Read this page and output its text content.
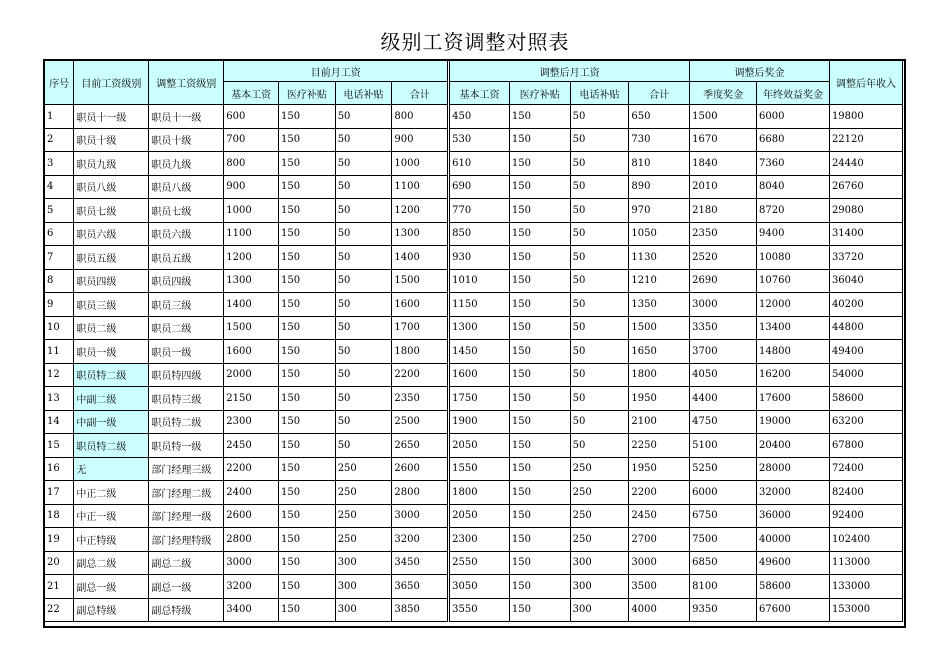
级别工资调整对照表
序号	目前工资级别	调整工资级别	目前月工资				调整后月工资				调整后奖金		调整后年收入
			基本工资	医疗补贴	电话补贴	合计	基本工资	医疗补贴	电话补贴	合计	季度奖金	年终效益奖金	
1	职员十一级	职员十一级	600	150	50	800	450	150	50	650	1500	6000	19800
2	职员十级	职员十级	700	150	50	900	530	150	50	730	1670	6680	22120
3	职员九级	职员九级	800	150	50	1000	610	150	50	810	1840	7360	24440
4	职员八级	职员八级	900	150	50	1100	690	150	50	890	2010	8040	26760
5	职员七级	职员七级	1000	150	50	1200	770	150	50	970	2180	8720	29080
6	职员六级	职员六级	1100	150	50	1300	850	150	50	1050	2350	9400	31400
7	职员五级	职员五级	1200	150	50	1400	930	150	50	1130	2520	10080	33720
8	职员四级	职员四级	1300	150	50	1500	1010	150	50	1210	2690	10760	36040
9	职员三级	职员三级	1400	150	50	1600	1150	150	50	1350	3000	12000	40200
10	职员二级	职员二级	1500	150	50	1700	1300	150	50	1500	3350	13400	44800
11	职员一级	职员一级	1600	150	50	1800	1450	150	50	1650	3700	14800	49400
12	职员特二级	职员特四级	2000	150	50	2200	1600	150	50	1800	4050	16200	54000
13	中副二级	职员特三级	2150	150	50	2350	1750	150	50	1950	4400	17600	58600
14	中副一级	职员特二级	2300	150	50	2500	1900	150	50	2100	4750	19000	63200
15	职员特二级	职员特一级	2450	150	50	2650	2050	150	50	2250	5100	20400	67800
16	无	部门经理三级	2200	150	250	2600	1550	150	250	1950	5250	28000	72400
17	中正二级	部门经理二级	2400	150	250	2800	1800	150	250	2200	6000	32000	82400
18	中正一级	部门经理一级	2600	150	250	3000	2050	150	250	2450	6750	36000	92400
19	中正特级	部门经理特级	2800	150	250	3200	2300	150	250	2700	7500	40000	102400
20	副总二级	副总二级	3000	150	300	3450	2550	150	300	3000	6850	49600	113000
21	副总一级	副总一级	3200	150	300	3650	3050	150	300	3500	8100	58600	133000
22	副总特级	副总特级	3400	150	300	3850	3550	150	300	4000	9350	67600	153000
